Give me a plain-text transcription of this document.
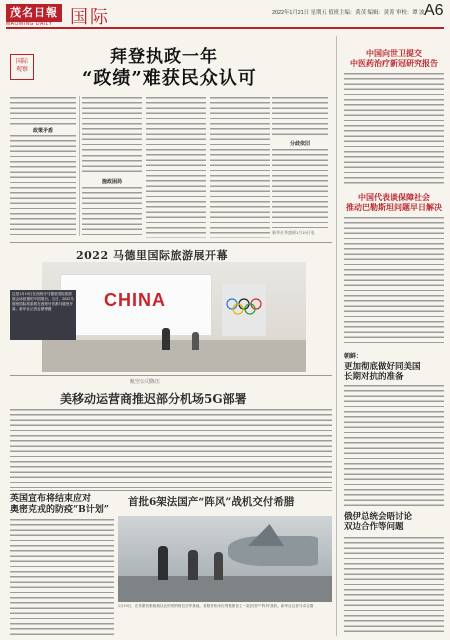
茂名日報
MAOMING DAILY 国际	2022年1月21日 星期五 值班主编：黄茂 编辑：黄菁 审校：谭 波 A6
国际
观察
拜登执政一年
“政绩”难获民众认可
政策矛盾
施政困局
分歧依旧
新华社华盛顿1月19日电
2022 马德里国际旅游展开幕
CHINA
这是1月19日在西班牙马德里国际旅游展会场拍摄的中国展台。当日，2022马德里国际旅游展在西班牙首都马德里开幕。新华社记者孟鼎博摄
中国向世卫提交
中医药治疗新冠研究报告
中国代表谈保障社会
推动巴勒斯坦问题早日解决
朝鲜：
更加彻底做好同美国
长期对抗的准备
俄伊总统会晤讨论
双边合作等问题
航空公司陈压
美移动运营商推迟部分机场5G部署
英国宣布将结束应对
奥密克戎的防疫“B计划”
首批6架法国产“阵风”战机交付希腊
1月19日，在希腊首都雅典以北的塔纳格拉空军基地，希腊首相米佐塔基斯登上一架法国产“阵风”战机。新华社记者马卓言摄
